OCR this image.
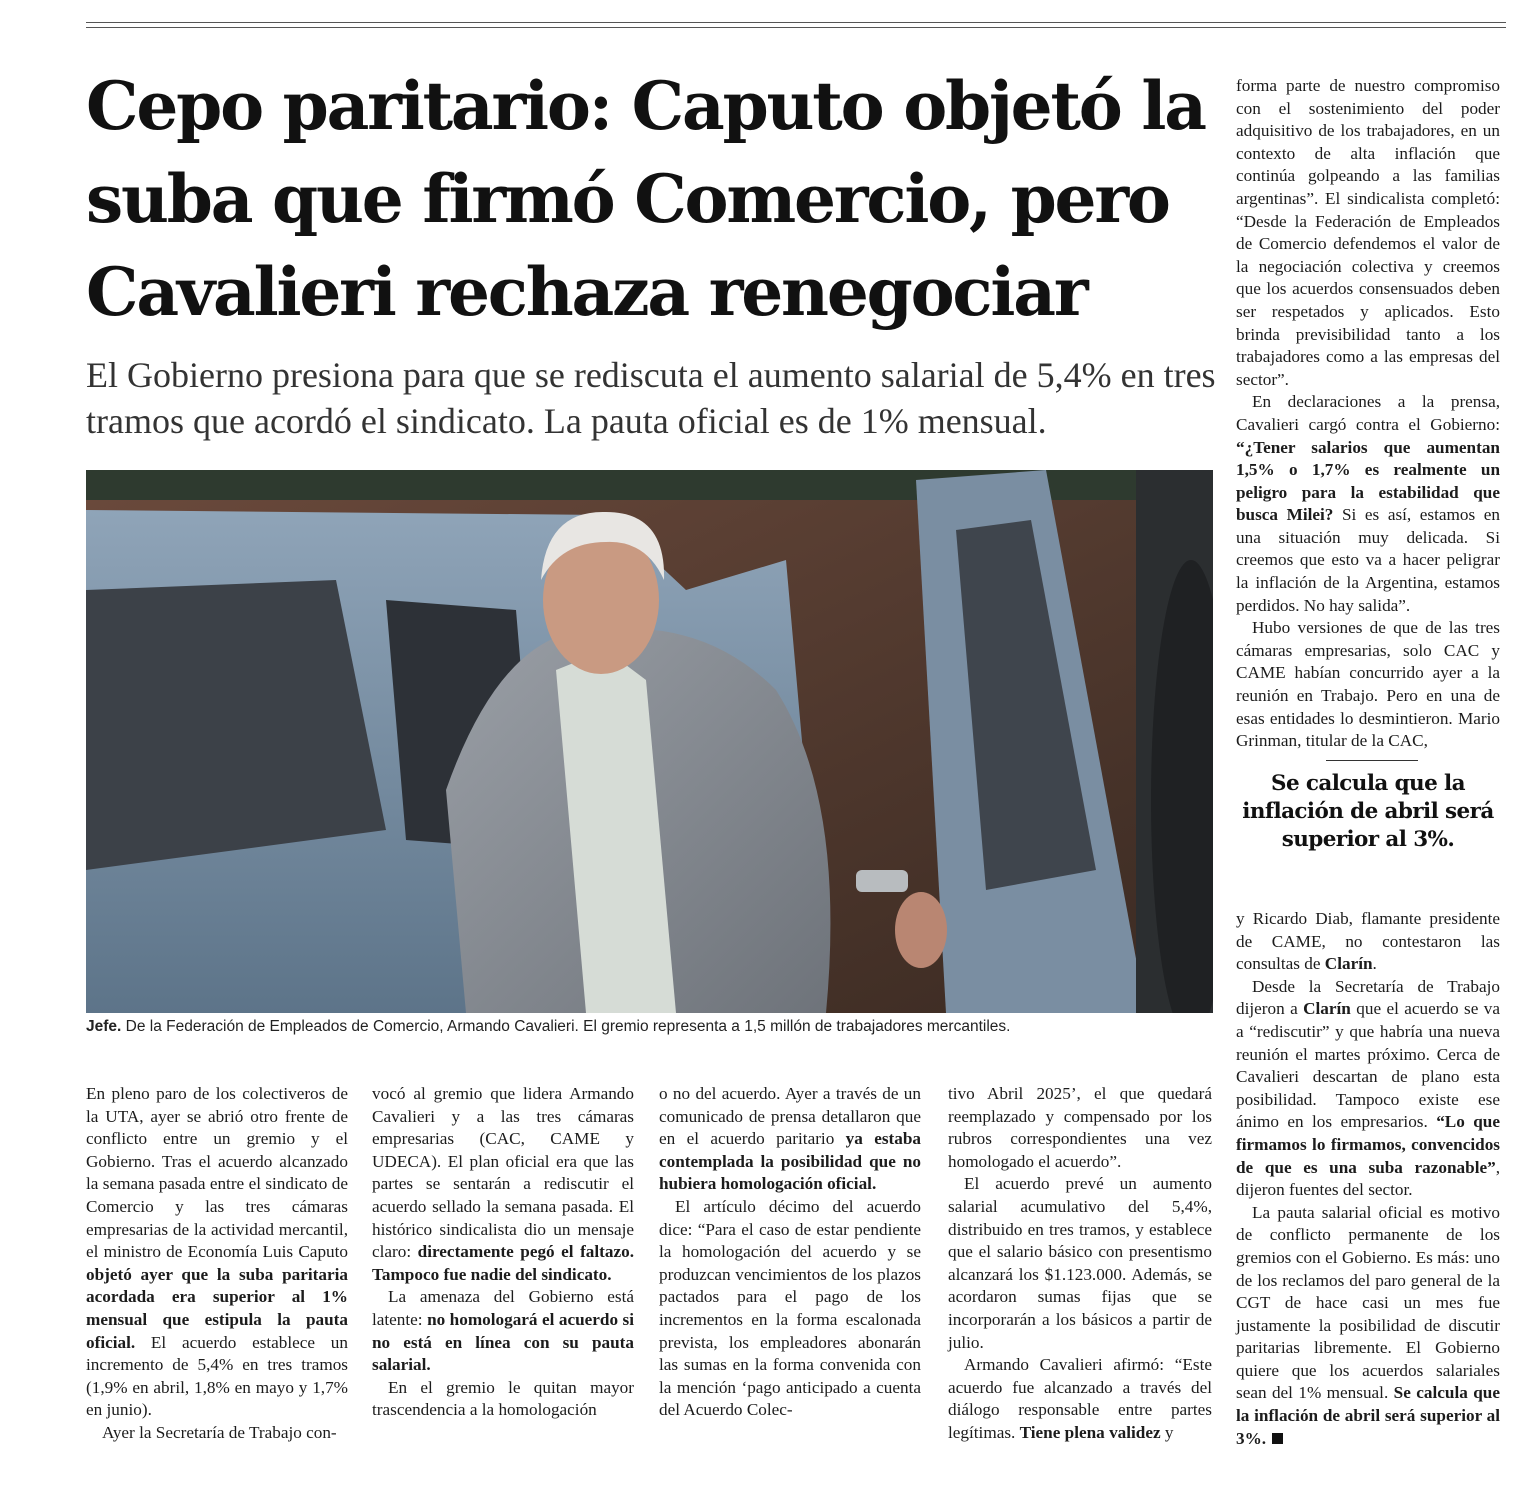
Cepo paritario: Caputo objetó la suba que firmó Comercio, pero Cavalieri rechaza renegociar

El Gobierno presiona para que se rediscuta el aumento salarial de 5,4% en tres tramos que acordó el sindicato. La pauta oficial es de 1% mensual.

Jefe. De la Federación de Empleados de Comercio, Armando Cavalieri. El gremio representa a 1,5 millón de trabajadores mercantiles.

En pleno paro de los colectiveros de la UTA, ayer se abrió otro frente de conflicto entre un gremio y el Gobierno. Tras el acuerdo alcanzado la semana pasada entre el sindicato de Comercio y las tres cámaras empresarias de la actividad mercantil, el ministro de Economía Luis Caputo objetó ayer que la suba paritaria acordada era superior al 1% mensual que estipula la pauta oficial. El acuerdo establece un incremento de 5,4% en tres tramos (1,9% en abril, 1,8% en mayo y 1,7% en junio).

Ayer la Secretaría de Trabajo con-

vocó al gremio que lidera Armando Cavalieri y a las tres cámaras empresarias (CAC, CAME y UDECA). El plan oficial era que las partes se sentarán a rediscutir el acuerdo sellado la semana pasada. El histórico sindicalista dio un mensaje claro: directamente pegó el faltazo. Tampoco fue nadie del sindicato.

La amenaza del Gobierno está latente: no homologará el acuerdo si no está en línea con su pauta salarial.

En el gremio le quitan mayor trascendencia a la homologación

o no del acuerdo. Ayer a través de un comunicado de prensa detallaron que en el acuerdo paritario ya estaba contemplada la posibilidad que no hubiera homologación oficial.

El artículo décimo del acuerdo dice: “Para el caso de estar pendiente la homologación del acuerdo y se produzcan vencimientos de los plazos pactados para el pago de los incrementos en la forma escalonada prevista, los empleadores abonarán las sumas en la forma convenida con la mención ‘pago anticipado a cuenta del Acuerdo Colec-

tivo Abril 2025’, el que quedará reemplazado y compensado por los rubros correspondientes una vez homologado el acuerdo”.

El acuerdo prevé un aumento salarial acumulativo del 5,4%, distribuido en tres tramos, y establece que el salario básico con presentismo alcanzará los $1.123.000. Además, se acordaron sumas fijas que se incorporarán a los básicos a partir de julio.

Armando Cavalieri afirmó: “Este acuerdo fue alcanzado a través del diálogo responsable entre partes legítimas. Tiene plena validez y

forma parte de nuestro compromiso con el sostenimiento del poder adquisitivo de los trabajadores, en un contexto de alta inflación que continúa golpeando a las familias argentinas”. El sindicalista completó: “Desde la Federación de Empleados de Comercio defendemos el valor de la negociación colectiva y creemos que los acuerdos consensuados deben ser respetados y aplicados. Esto brinda previsibilidad tanto a los trabajadores como a las empresas del sector”.

En declaraciones a la prensa, Cavalieri cargó contra el Gobierno: “¿Tener salarios que aumentan 1,5% o 1,7% es realmente un peligro para la estabilidad que busca Milei? Si es así, estamos en una situación muy delicada. Si creemos que esto va a hacer peligrar la inflación de la Argentina, estamos perdidos. No hay salida”.

Hubo versiones de que de las tres cámaras empresarias, solo CAC y CAME habían concurrido ayer a la reunión en Trabajo. Pero en una de esas entidades lo desmintieron. Mario Grinman, titular de la CAC,

Se calcula que la inflación de abril será superior al 3%.

y Ricardo Diab, flamante presidente de CAME, no contestaron las consultas de Clarín.

Desde la Secretaría de Trabajo dijeron a Clarín que el acuerdo se va a “rediscutir” y que habría una nueva reunión el martes próximo. Cerca de Cavalieri descartan de plano esta posibilidad. Tampoco existe ese ánimo en los empresarios. “Lo que firmamos lo firmamos, convencidos de que es una suba razonable”, dijeron fuentes del sector.

La pauta salarial oficial es motivo de conflicto permanente de los gremios con el Gobierno. Es más: uno de los reclamos del paro general de la CGT de hace casi un mes fue justamente la posibilidad de discutir paritarias libremente. El Gobierno quiere que los acuerdos salariales sean del 1% mensual. Se calcula que la inflación de abril será superior al 3%.
